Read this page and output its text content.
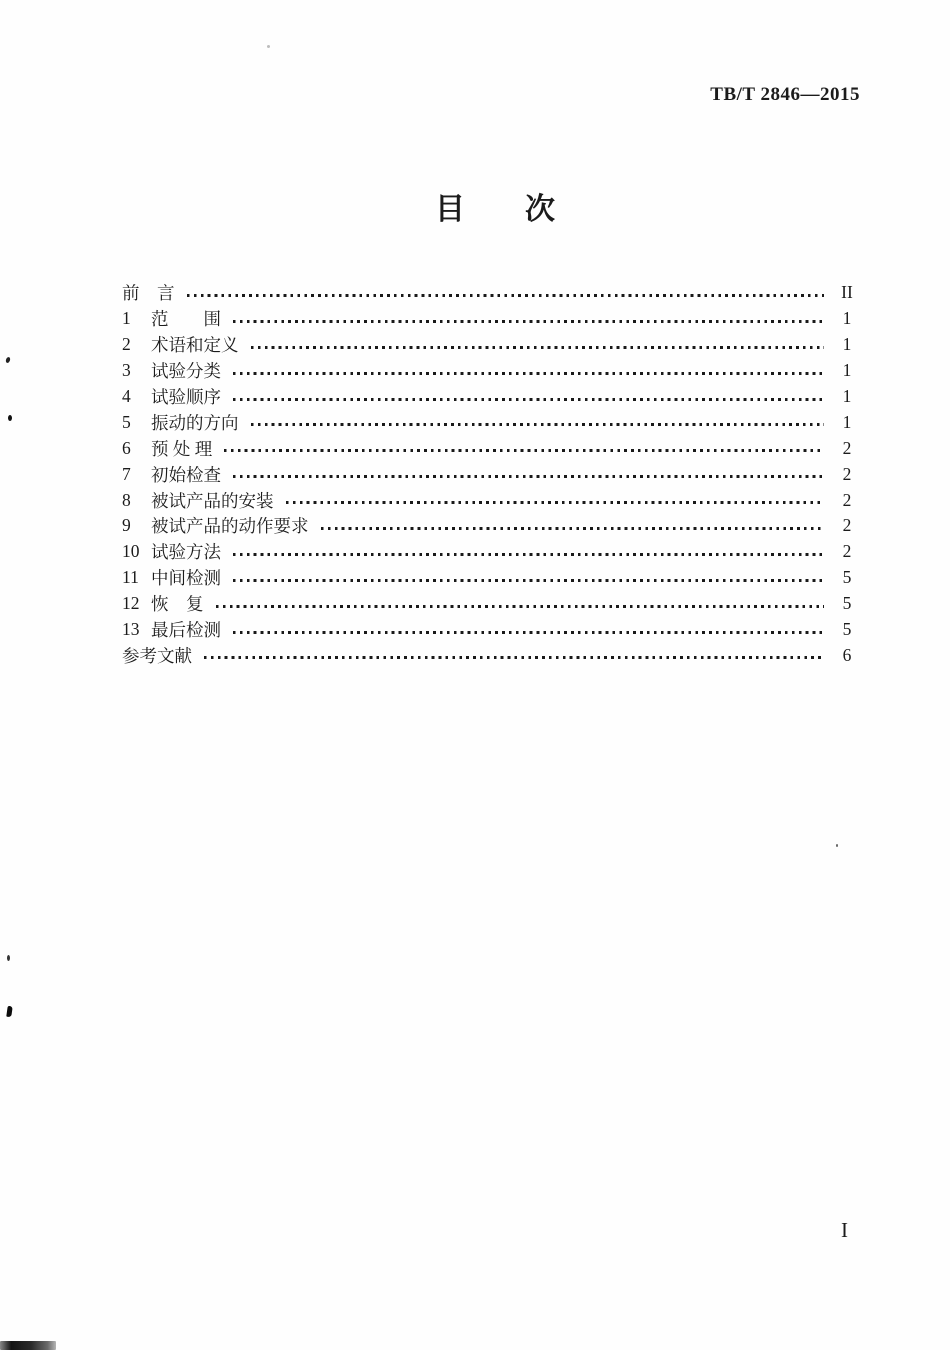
TB/T 2846—2015
目　　次
前　言	II
1	范　　围	1
2	术语和定义	1
3	试验分类	1
4	试验顺序	1
5	振动的方向	1
6	预 处 理	2
7	初始检查	2
8	被试产品的安装	2
9	被试产品的动作要求	2
10 试验方法	2
11 中间检测	5
12 恢　复	5
13 最后检测	5
参考文献	6
I
